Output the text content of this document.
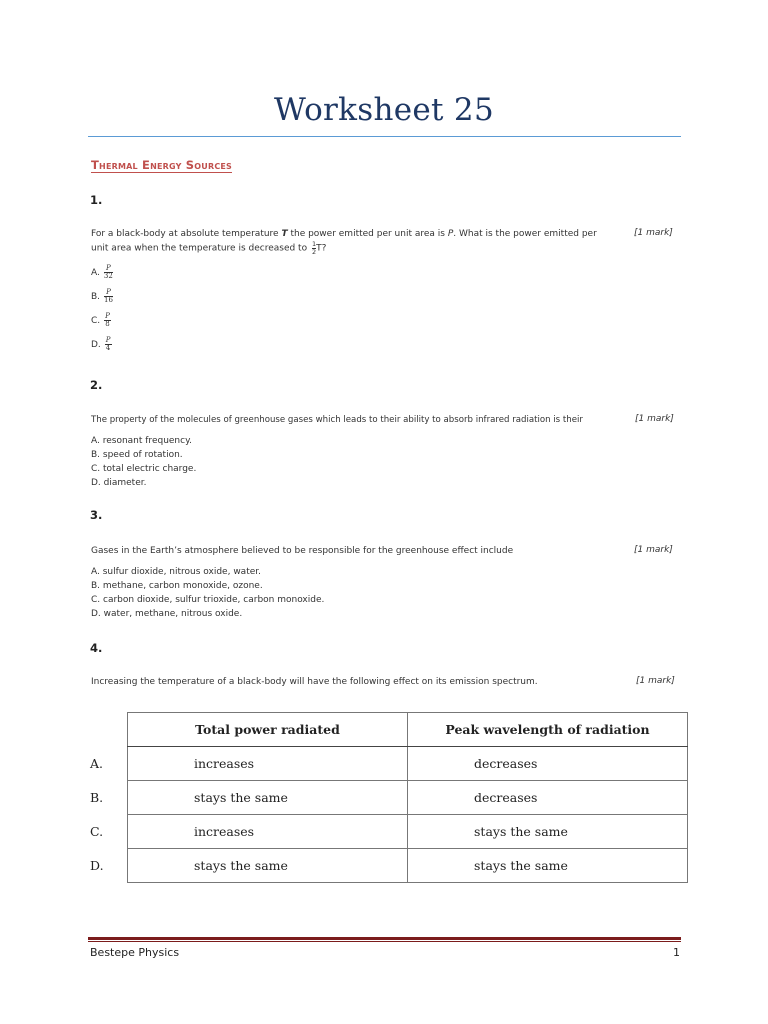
Worksheet 25
Thermal Energy Sources
1.
For a black-body at absolute temperature T the power emitted per unit area is P. What is the power emitted per
unit area when the temperature is decreased to $\frac{1}{2}T$?
[1 mark]
A. $\frac{P}{32}$
B. $\frac{P}{16}$
C. $\frac{P}{8}$
D. $\frac{P}{4}$
2.
The property of the molecules of greenhouse gases which leads to their ability to absorb infrared radiation is their	[1 mark]
A. resonant frequency.
B. speed of rotation.
C. total electric charge.
D. diameter.
3.
Gases in the Earth’s atmosphere believed to be responsible for the greenhouse effect include	[1 mark]
A. sulfur dioxide, nitrous oxide, water.
B. methane, carbon monoxide, ozone.
C. carbon dioxide, sulfur trioxide, carbon monoxide.
D. water, methane, nitrous oxide.
4.
Increasing the temperature of a black-body will have the following effect on its emission spectrum.	[1 mark]
	Total power radiated	Peak wavelength of radiation
A.	increases	decreases
B.	stays the same	decreases
C.	increases	stays the same
D.	stays the same	stays the same
Bestepe Physics	1
